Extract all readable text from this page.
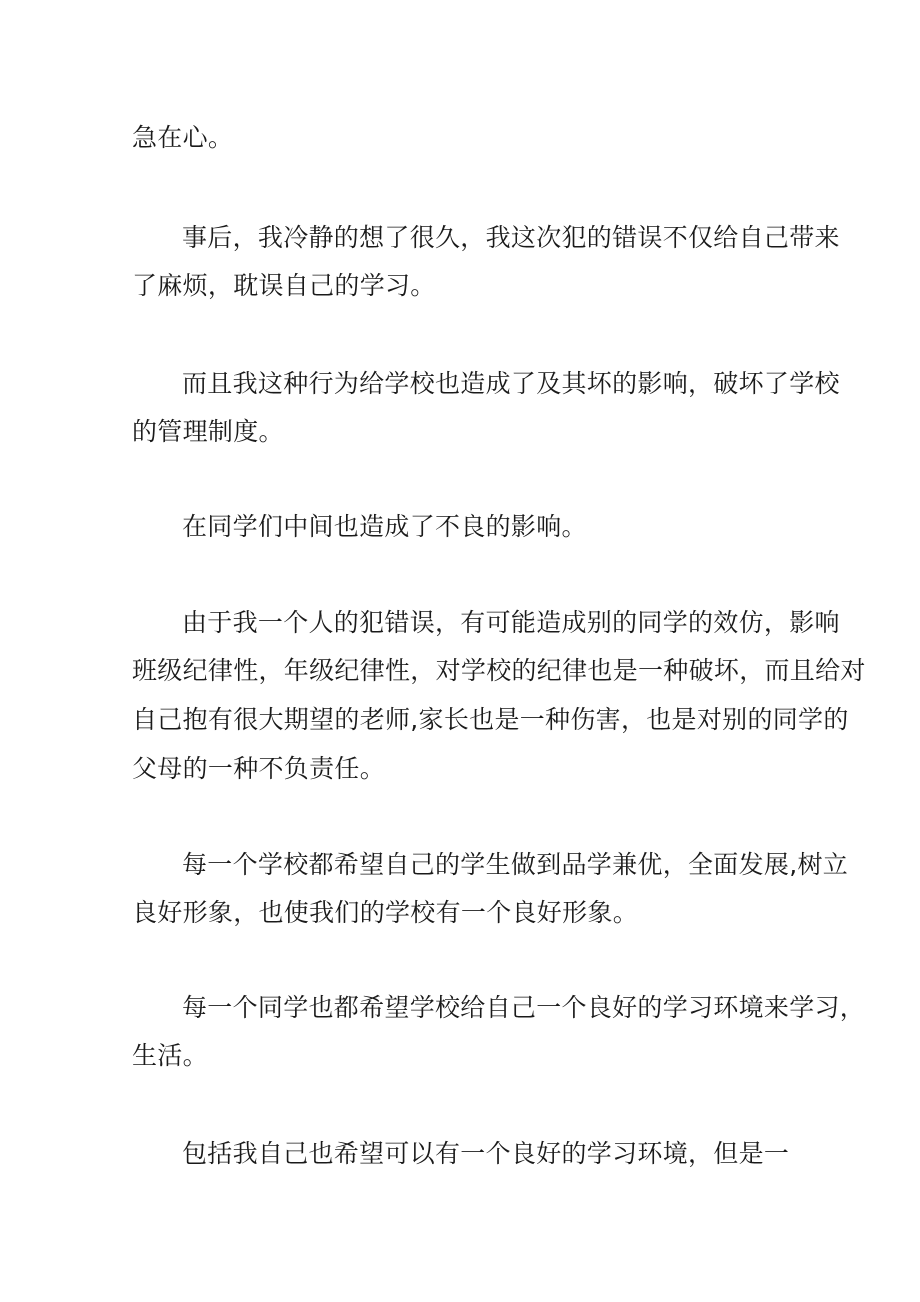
急在心。

事后，我冷静的想了很久，我这次犯的错误不仅给自己带来

了麻烦，耽误自己的学习。

而且我这种行为给学校也造成了及其坏的影响，破坏了学校

的管理制度。

在同学们中间也造成了不良的影响。

由于我一个人的犯错误，有可能造成别的同学的效仿，影响

班级纪律性，年级纪律性，对学校的纪律也是一种破坏，而且给对

自己抱有很大期望的老师,家长也是一种伤害，也是对别的同学的

父母的一种不负责任。

每一个学校都希望自己的学生做到品学兼优，全面发展,树立

良好形象，也使我们的学校有一个良好形象。

每一个同学也都希望学校给自己一个良好的学习环境来学习，

生活。

包括我自己也希望可以有一个良好的学习环境，但是一
